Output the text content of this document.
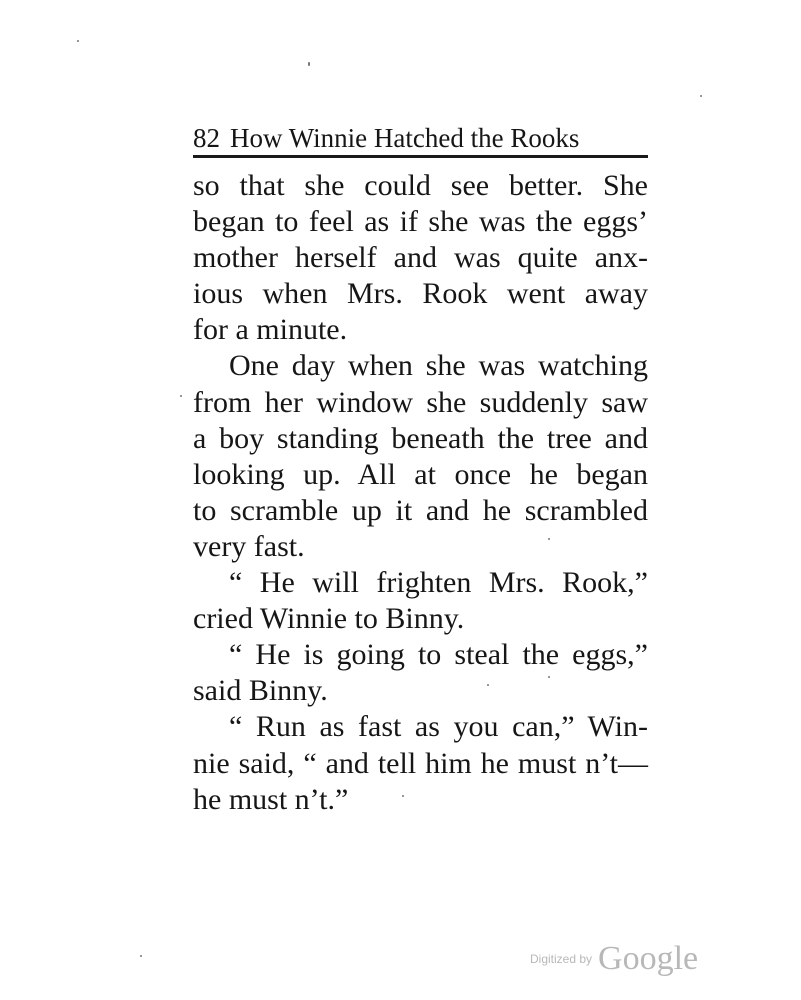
82 How Winnie Hatched the Rooks
so that she could see better. She
began to feel as if she was the eggs’
mother herself and was quite anx-
ious when Mrs. Rook went away
for a minute.
One day when she was watching
from her window she suddenly saw
a boy standing beneath the tree and
looking up. All at once he began
to scramble up it and he scrambled
very fast.
“ He will frighten Mrs. Rook,”
cried Winnie to Binny.
“ He is going to steal the eggs,”
said Binny.
“ Run as fast as you can,” Win-
nie said, “ and tell him he must n’t—
he must n’t.”
Digitized by Google
